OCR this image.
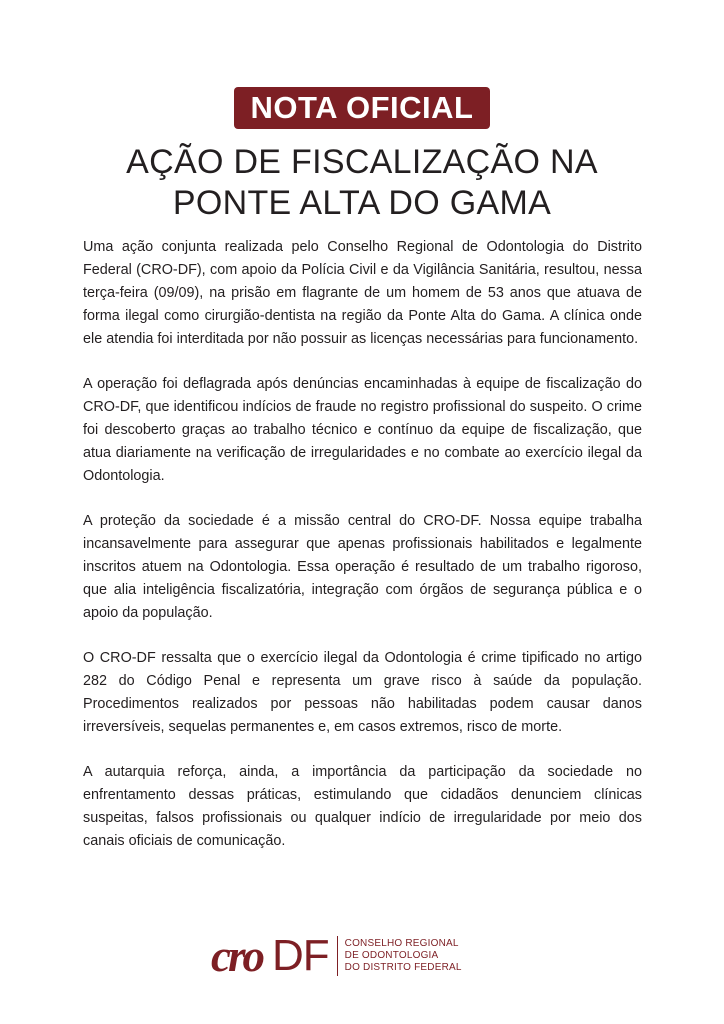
NOTA OFICIAL
AÇÃO DE FISCALIZAÇÃO NA
PONTE ALTA DO GAMA

Uma ação conjunta realizada pelo Conselho Regional de Odontologia do Distrito Federal (CRO-DF), com apoio da Polícia Civil e da Vigilância Sanitária, resultou, nessa terça-feira (09/09), na prisão em flagrante de um homem de 53 anos que atuava de forma ilegal como cirurgião-dentista na região da Ponte Alta do Gama. A clínica onde ele atendia foi interditada por não possuir as licenças necessárias para funcionamento.

A operação foi deflagrada após denúncias encaminhadas à equipe de fiscalização do CRO-DF, que identificou indícios de fraude no registro profissional do suspeito. O crime foi descoberto graças ao trabalho técnico e contínuo da equipe de fiscalização, que atua diariamente na verificação de irregularidades e no combate ao exercício ilegal da Odontologia.

A proteção da sociedade é a missão central do CRO-DF. Nossa equipe trabalha incansavelmente para assegurar que apenas profissionais habilitados e legalmente inscritos atuem na Odontologia. Essa operação é resultado de um trabalho rigoroso, que alia inteligência fiscalizatória, integração com órgãos de segurança pública e o apoio da população.

O CRO-DF ressalta que o exercício ilegal da Odontologia é crime tipificado no artigo 282 do Código Penal e representa um grave risco à saúde da população. Procedimentos realizados por pessoas não habilitadas podem causar danos irreversíveis, sequelas permanentes e, em casos extremos, risco de morte.

A autarquia reforça, ainda, a importância da participação da sociedade no enfrentamento dessas práticas, estimulando que cidadãos denunciem clínicas suspeitas, falsos profissionais ou qualquer indício de irregularidade por meio dos canais oficiais de comunicação.

cro DF CONSELHO REGIONAL
DE ODONTOLOGIA
DO DISTRITO FEDERAL
